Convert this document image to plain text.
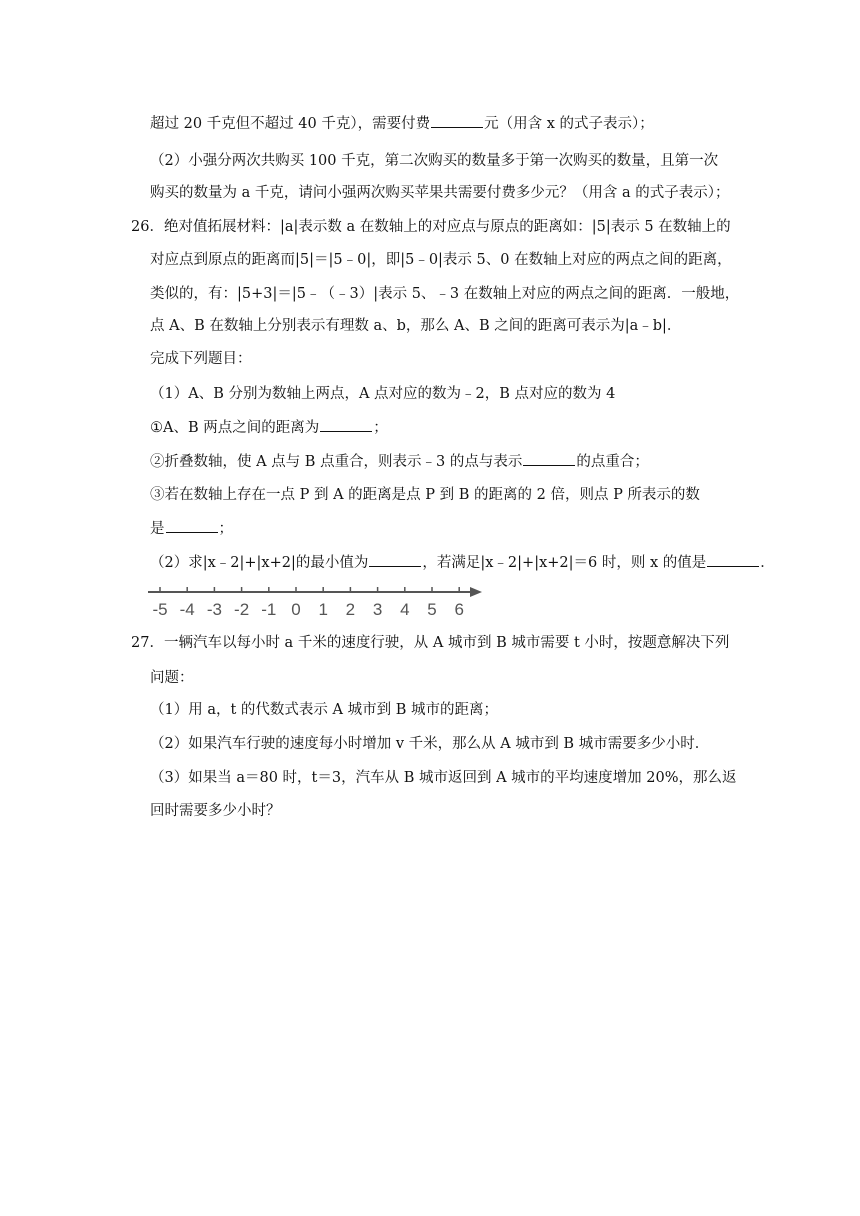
超过 20 千克但不超过 40 千克），需要付费	元（用含 x 的式子表示）；
（2）小强分两次共购买 100 千克，第二次购买的数量多于第一次购买的数量，且第一次
购买的数量为 a 千克，请问小强两次购买苹果共需要付费多少元？（用含 a 的式子表示）；
26．绝对值拓展材料：|a|表示数 a 在数轴上的对应点与原点的距离如：|5|表示 5 在数轴上的
对应点到原点的距离而|5|＝|5﹣0|，即|5﹣0|表示 5、0 在数轴上对应的两点之间的距离，
类似的，有：|5+3|＝|5﹣（﹣3）|表示 5、﹣3 在数轴上对应的两点之间的距离．一般地，
点 A、B 在数轴上分别表示有理数 a、b，那么 A、B 之间的距离可表示为|a﹣b|．
完成下列题目：
（1）A、B 分别为数轴上两点，A 点对应的数为﹣2，B 点对应的数为 4
①A、B 两点之间的距离为	；
②折叠数轴，使 A 点与 B 点重合，则表示﹣3 的点与表示	的点重合；
③若在数轴上存在一点 P 到 A 的距离是点 P 到 B 的距离的 2 倍，则点 P 所表示的数
是	；
（2）求|x﹣2|+|x+2|的最小值为	，若满足|x﹣2|+|x+2|＝6 时，则 x 的值是	．
-5 -4 -3 -2 -1 0 1 2 3 4 5 6
27．一辆汽车以每小时 a 千米的速度行驶，从 A 城市到 B 城市需要 t 小时，按题意解决下列
问题：
（1）用 a，t 的代数式表示 A 城市到 B 城市的距离；
（2）如果汽车行驶的速度每小时增加 v 千米，那么从 A 城市到 B 城市需要多少小时．
（3）如果当 a＝80 时，t＝3，汽车从 B 城市返回到 A 城市的平均速度增加 20%，那么返
回时需要多少小时？
